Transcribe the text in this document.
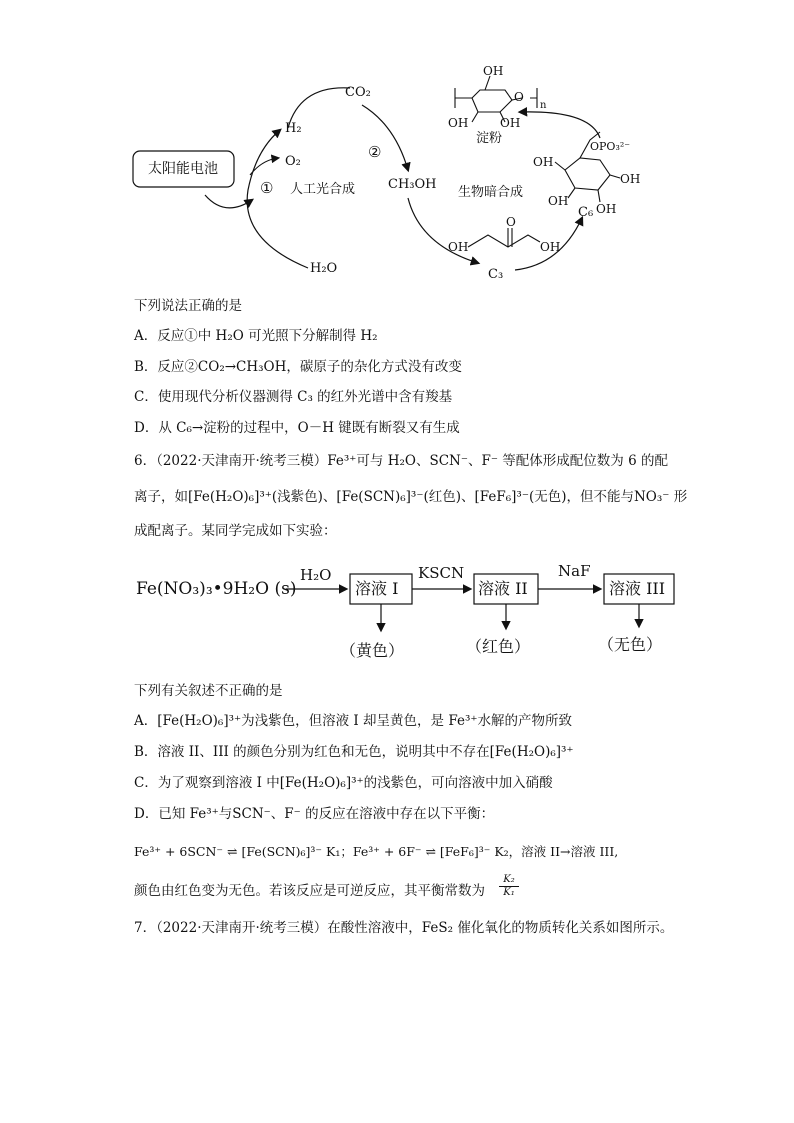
太阳能电池
H₂
O₂
CO₂
①
②
人工光合成	CH₃OH
生物暗合成
H₂O	C₃
OH
O
OH
C₆
淀粉
OH
OH	OH
O
n
OPO₃²⁻
OH
OH
OH
OH
下列说法正确的是
A．反应①中 H₂O 可光照下分解制得 H₂
B．反应②CO₂→CH₃OH，碳原子的杂化方式没有改变
C．使用现代分析仪器测得 C₃ 的红外光谱中含有羧基
D．从 C₆→淀粉的过程中，O－H 键既有断裂又有生成
6．（2022·天津南开·统考三模）Fe³⁺可与 H₂O、SCN⁻、F⁻ 等配体形成配位数为 6 的配
离子，如[Fe(H₂O)₆]³⁺(浅紫色)、[Fe(SCN)₆]³⁻(红色)、[FeF₆]³⁻(无色)，但不能与NO₃⁻ 形
成配离子。某同学完成如下实验：
Fe(NO₃)₃•9H₂O (s)
H₂O
溶液 I
KSCN
溶液 II
NaF
溶液 III
（黄色）	（红色）	（无色）
下列有关叙述不正确的是
A．[Fe(H₂O)₆]³⁺为浅紫色，但溶液 I 却呈黄色，是 Fe³⁺水解的产物所致
B．溶液 II、III 的颜色分别为红色和无色，说明其中不存在[Fe(H₂O)₆]³⁺
C．为了观察到溶液 I 中[Fe(H₂O)₆]³⁺的浅紫色，可向溶液中加入硝酸
D．已知 Fe³⁺与SCN⁻、F⁻ 的反应在溶液中存在以下平衡：
Fe³⁺ + 6SCN⁻ ⇌ [Fe(SCN)₆]³⁻ K₁；Fe³⁺ + 6F⁻ ⇌ [FeF₆]³⁻ K₂，溶液 II→溶液 III,
颜色由红色变为无色。若该反应是可逆反应，其平衡常数为 $\frac{\text{K₂}}{\text{K₁}}$
7．（2022·天津南开·统考三模）在酸性溶液中，FeS₂ 催化氧化的物质转化关系如图所示。
